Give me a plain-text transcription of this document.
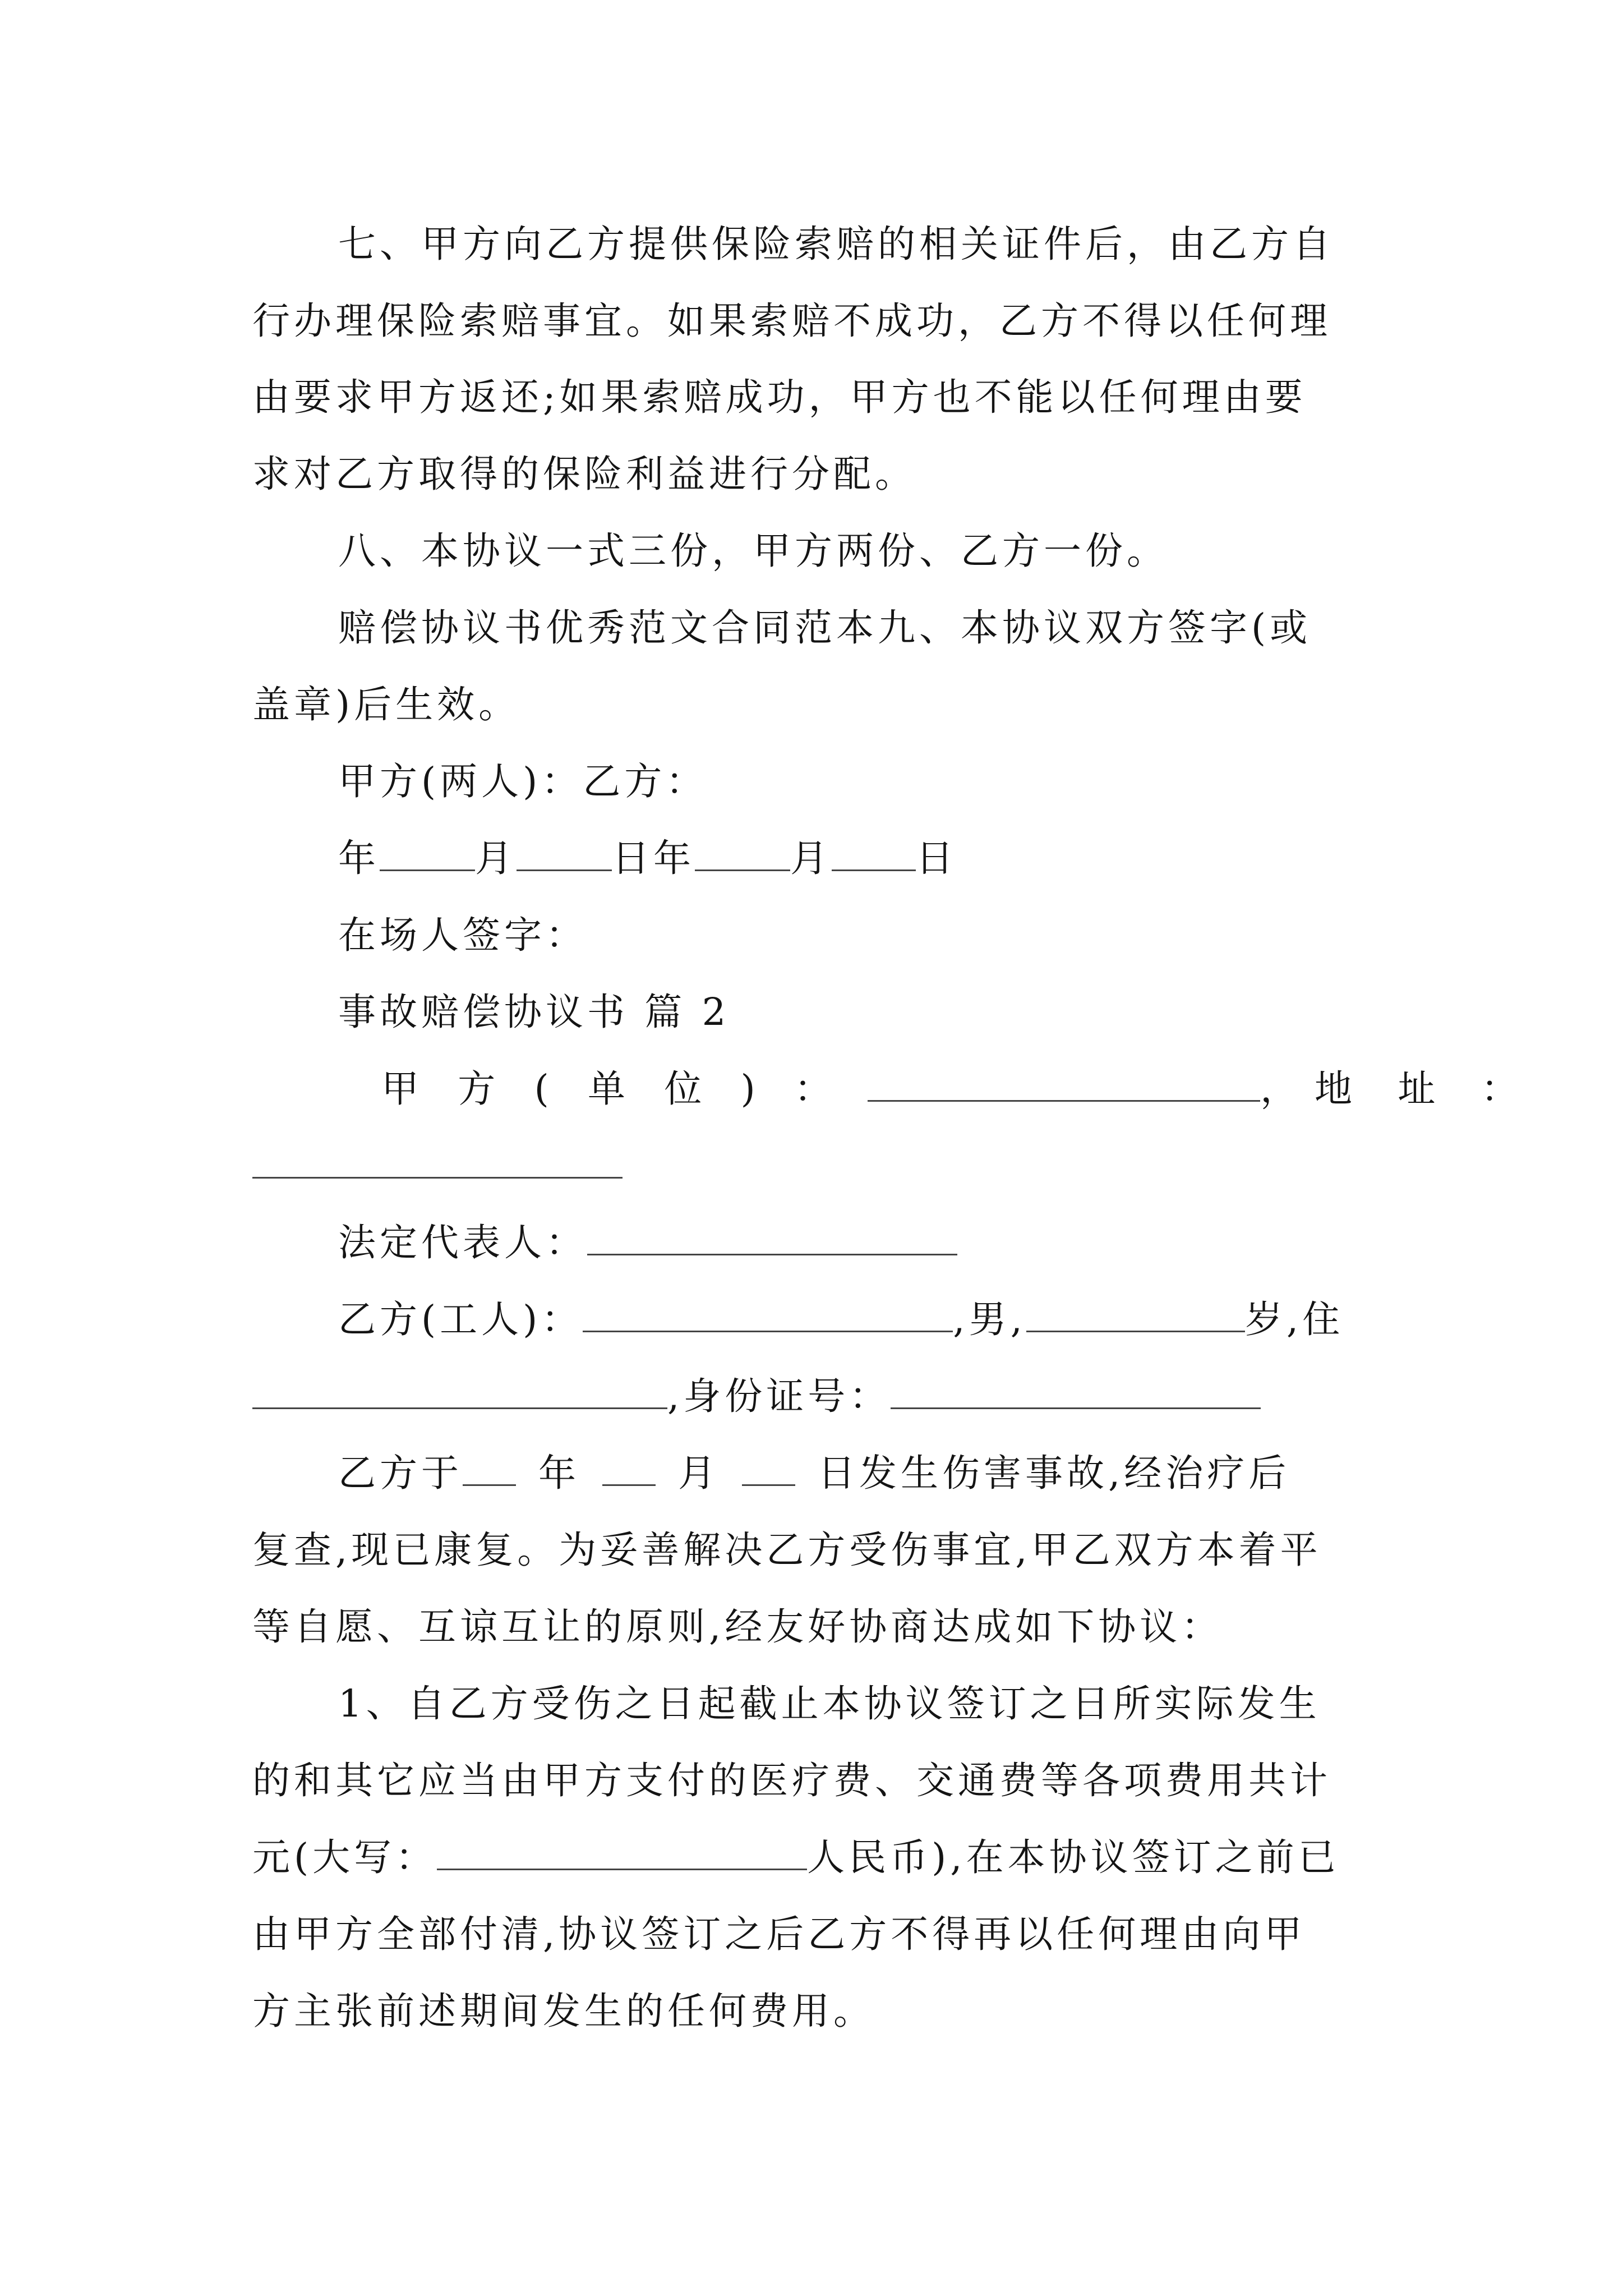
七、甲方向乙方提供保险索赔的相关证件后，由乙方自
行办理保险索赔事宜。如果索赔不成功，乙方不得以任何理
由要求甲方返还;如果索赔成功，甲方也不能以任何理由要
求对乙方取得的保险利益进行分配。
八、本协议一式三份，甲方两份、乙方一份。
赔偿协议书优秀范文合同范本九、本协议双方签字(或
盖章)后生效。
甲方(两人)：乙方：
年	月	日年	月 日
在场人签字：
事故赔偿协议书 篇 2
甲 方 ( 单 位 ) ：	，地 址 ：
法定代表人：
乙方(工人)：	,男,	岁,住
,身份证号：
乙方于 年	月	日发生伤害事故,经治疗后
复查,现已康复。为妥善解决乙方受伤事宜,甲乙双方本着平
等自愿、互谅互让的原则,经友好协商达成如下协议：
1、自乙方受伤之日起截止本协议签订之日所实际发生
的和其它应当由甲方支付的医疗费、交通费等各项费用共计
元(大写：	人民币),在本协议签订之前已
由甲方全部付清,协议签订之后乙方不得再以任何理由向甲
方主张前述期间发生的任何费用。
